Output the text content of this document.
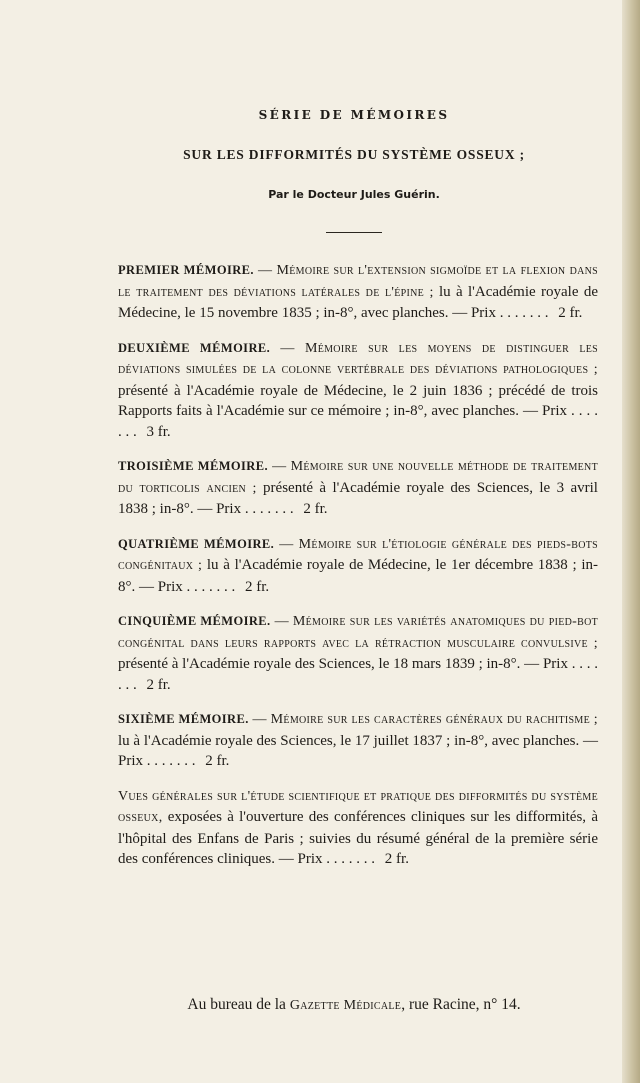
SÉRIE DE MÉMOIRES
SUR LES DIFFORMITÉS DU SYSTÈME OSSEUX ;

Par le Docteur Jules Guérin.

PREMIER MÉMOIRE. — Mémoire sur l'extension sigmoïde et la flexion dans le traitement des déviations latérales de l'épine ; lu à l'Académie royale de Médecine, le 15 novembre 1835 ; in-8°, avec planches. — Prix . . . . . . . 2 fr.

DEUXIÈME MÉMOIRE. — Mémoire sur les moyens de distinguer les déviations simulées de la colonne vertébrale des déviations pathologiques ; présenté à l'Académie royale de Médecine, le 2 juin 1836 ; précédé de trois Rapports faits à l'Académie sur ce mémoire ; in-8°, avec planches. — Prix . . . . . . . 3 fr.

TROISIÈME MÉMOIRE. — Mémoire sur une nouvelle méthode de traitement du torticolis ancien ; présenté à l'Académie royale des Sciences, le 3 avril 1838 ; in-8°. — Prix . . . . . . . 2 fr.

QUATRIÈME MÉMOIRE. — Mémoire sur l'étiologie générale des pieds-bots congénitaux ; lu à l'Académie royale de Médecine, le 1er décembre 1838 ; in-8°. — Prix . . . . . . . 2 fr.

CINQUIÈME MÉMOIRE. — Mémoire sur les variétés anatomiques du pied-bot congénital dans leurs rapports avec la rétraction musculaire convulsive ; présenté à l'Académie royale des Sciences, le 18 mars 1839 ; in-8°. — Prix . . . . . . . 2 fr.

SIXIÈME MÉMOIRE. — Mémoire sur les caractères généraux du rachitisme ; lu à l'Académie royale des Sciences, le 17 juillet 1837 ; in-8°, avec planches. — Prix . . . . . . . 2 fr.

Vues générales sur l'étude scientifique et pratique des difformités du système osseux, exposées à l'ouverture des conférences cliniques sur les difformités, à l'hôpital des Enfans de Paris ; suivies du résumé général de la première série des conférences cliniques. — Prix . . . . . . . 2 fr.

Au bureau de la Gazette Médicale, rue Racine, n° 14.
